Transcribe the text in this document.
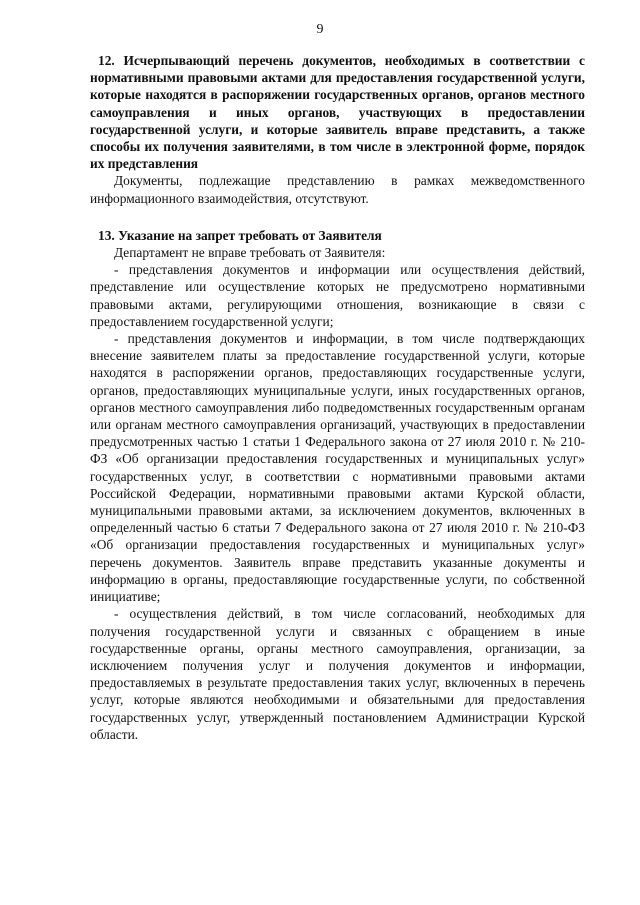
9

12. Исчерпывающий перечень документов, необходимых в соответствии с нормативными правовыми актами для предоставления государственной услуги, которые находятся в распоряжении государственных органов, органов местного самоуправления и иных органов, участвующих в предоставлении государственной услуги, и которые заявитель вправе представить, а также способы их получения заявителями, в том числе в электронной форме, порядок их представления

Документы, подлежащие представлению в рамках межведомственного информационного взаимодействия, отсутствуют.

13. Указание на запрет требовать от Заявителя

Департамент не вправе требовать от Заявителя:

- представления документов и информации или осуществления действий, представление или осуществление которых не предусмотрено нормативными правовыми актами, регулирующими отношения, возникающие в связи с предоставлением государственной услуги;

- представления документов и информации, в том числе подтверждающих внесение заявителем платы за предоставление государственной услуги, которые находятся в распоряжении органов, предоставляющих государственные услуги, органов, предоставляющих муниципальные услуги, иных государственных органов, органов местного самоуправления либо подведомственных государственным органам или органам местного самоуправления организаций, участвующих в предоставлении предусмотренных частью 1 статьи 1 Федерального закона от 27 июля 2010 г. № 210-ФЗ «Об организации предоставления государственных и муниципальных услуг» государственных услуг, в соответствии с нормативными правовыми актами Российской Федерации, нормативными правовыми актами Курской области, муниципальными правовыми актами, за исключением документов, включенных в определенный частью 6 статьи 7 Федерального закона от 27 июля 2010 г. № 210-ФЗ «Об организации предоставления государственных и муниципальных услуг» перечень документов. Заявитель вправе представить указанные документы и информацию в органы, предоставляющие государственные услуги, по собственной инициативе;

- осуществления действий, в том числе согласований, необходимых для получения государственной услуги и связанных с обращением в иные государственные органы, органы местного самоуправления, организации, за исключением получения услуг и получения документов и информации, предоставляемых в результате предоставления таких услуг, включенных в перечень услуг, которые являются необходимыми и обязательными для предоставления государственных услуг, утвержденный постановлением Администрации Курской области.
